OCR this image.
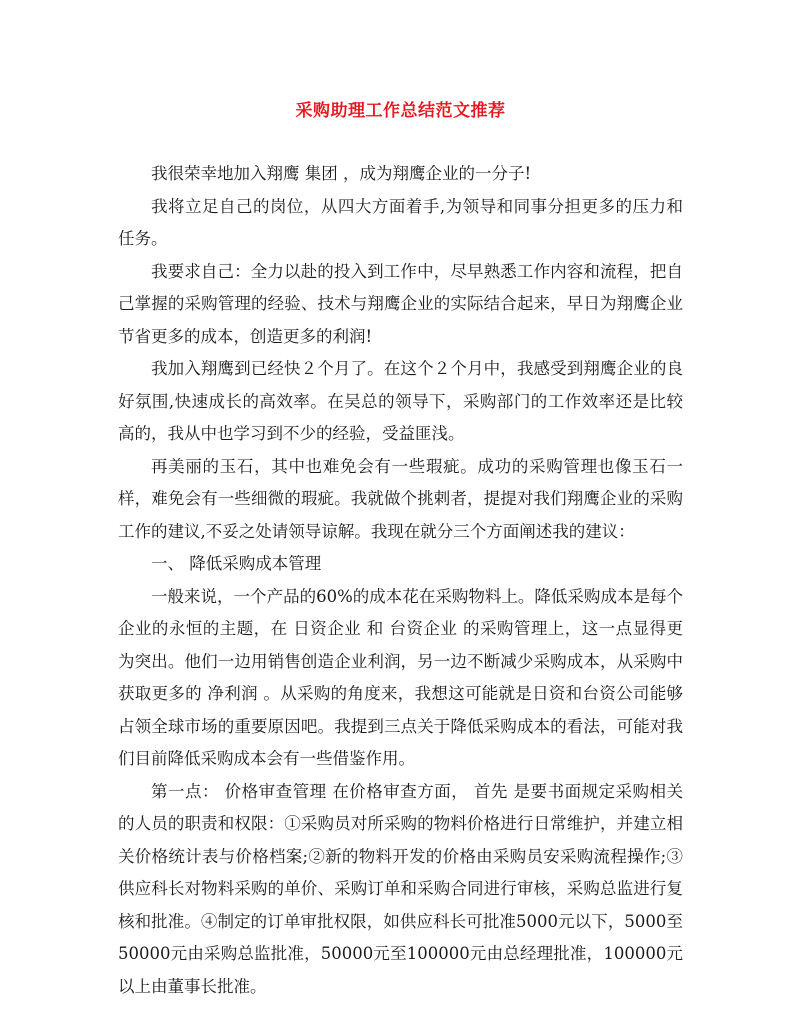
采购助理工作总结范文推荐

我很荣幸地加入翔鹰 集团 ，成为翔鹰企业的一分子!

我将立足自己的岗位，从四大方面着手,为领导和同事分担更多的压力和任务。

我要求自己：全力以赴的投入到工作中，尽早熟悉工作内容和流程，把自己掌握的采购管理的经验、技术与翔鹰企业的实际结合起来，早日为翔鹰企业节省更多的成本，创造更多的利润!

我加入翔鹰到已经快２个月了。在这个２个月中，我感受到翔鹰企业的良好氛围,快速成长的高效率。在吴总的领导下，采购部门的工作效率还是比较高的，我从中也学习到不少的经验，受益匪浅。

再美丽的玉石，其中也难免会有一些瑕疵。成功的采购管理也像玉石一样，难免会有一些细微的瑕疵。我就做个挑剌者，提提对我们翔鹰企业的采购工作的建议,不妥之处请领导谅解。我现在就分三个方面阐述我的建议：

一、 降低采购成本管理

一般来说，一个产品的60%的成本花在采购物料上。降低采购成本是每个企业的永恒的主题，在 日资企业 和 台资企业 的采购管理上，这一点显得更为突出。他们一边用销售创造企业利润，另一边不断减少采购成本，从采购中获取更多的 净利润 。从采购的角度来，我想这可能就是日资和台资公司能够占领全球市场的重要原因吧。我提到三点关于降低采购成本的看法，可能对我们目前降低采购成本会有一些借鉴作用。

第一点： 价格审查管理 在价格审查方面， 首先 是要书面规定采购相关的人员的职责和权限：①采购员对所采购的物料价格进行日常维护，并建立相关价格统计表与价格档案;②新的物料开发的价格由采购员安采购流程操作;③供应科长对物料采购的单价、采购订单和采购合同进行审核，采购总监进行复核和批准。④制定的订单审批权限，如供应科长可批准5000元以下，5000至50000元由采购总监批准，50000元至100000元由总经理批准，100000元以上由董事长批准。
